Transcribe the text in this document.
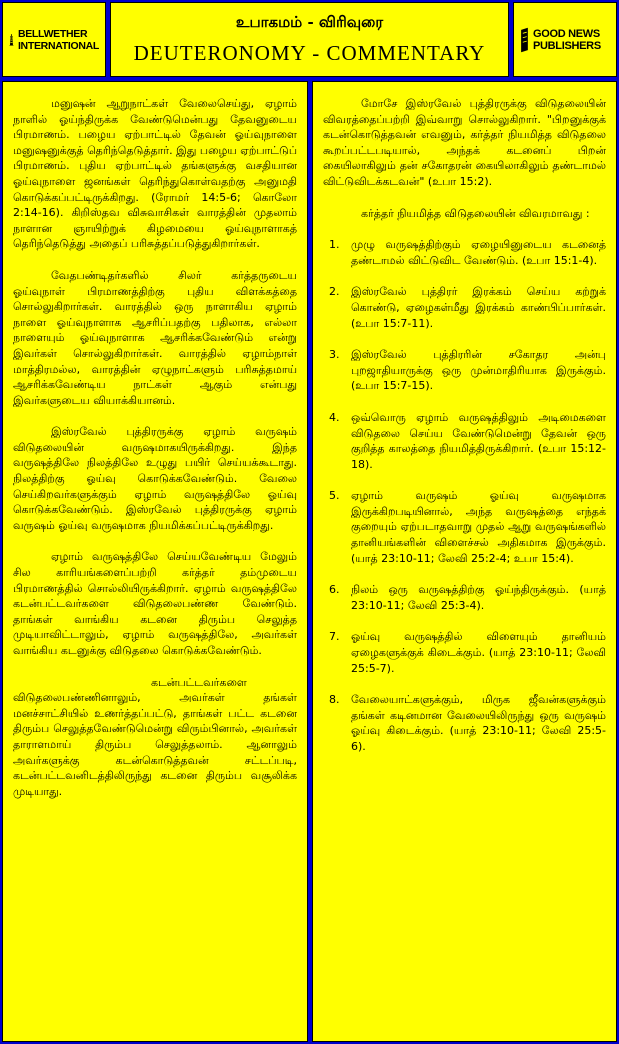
BELLWETHER INTERNATIONAL
உபாகமம் - விரிவுரை
DEUTERONOMY - COMMENTARY
GOOD NEWS PUBLISHERS

மனுஷன் ஆறுநாட்கள் வேலைசெய்து, ஏழாம் நாளில் ஓய்ந்திருக்க வேண்டுமென்பது தேவனுடைய பிரமாணம். பழைய ஏற்பாட்டில் தேவன் ஓய்வுநாளை மனுஷனுக்குத் தெரிந்தெடுத்தார். இது பழைய ஏற்பாட்டுப் பிரமாணம். புதிய ஏற்பாட்டில் தங்களுக்கு வசதியான ஓய்வுநாளை ஜனங்கள் தெரிந்துகொள்வதற்கு அனுமதி கொடுக்கப்பட்டிருக்கிறது. (ரோமர் 14:5-6; கொலோ 2:14-16). கிறிஸ்தவ விசுவாசிகள் வாரத்தின் முதலாம் நாளான ஞாயிற்றுக் கிழமையை ஓய்வுநாளாகத் தெரிந்தெடுத்து அதைப் பரிசுத்தப்படுத்துகிறார்கள்.

வேதபண்டிதர்களில் சிலர் கர்த்தருடைய ஓய்வுநாள் பிரமாணத்திற்கு புதிய விளக்கத்தை சொல்லுகிறார்கள். வாரத்தில் ஒரு நாளாகிய ஏழாம் நாளை ஓய்வுநாளாக ஆசரிப்பதற்கு பதிலாக, எல்லா நாளையும் ஓய்வுநாளாக ஆசரிக்கவேண்டும் என்று இவர்கள் சொல்லுகிறார்கள். வாரத்தில் ஏழாம்நாள் மாத்திரமல்ல, வாரத்தின் ஏழுநாட்களும் பரிசுத்தமாய் ஆசரிக்கவேண்டிய நாட்கள் ஆகும் என்பது இவர்களுடைய வியாக்கியானம்.

இஸ்ரவேல் புத்திரருக்கு ஏழாம் வருஷம் விடுதலையின் வருஷமாகயிருக்கிறது. இந்த வருஷத்திலே நிலத்திலே உழுது பயிர் செய்யக்கூடாது. நிலத்திற்கு ஓய்வு கொடுக்கவேண்டும். வேலை செய்கிறவர்களுக்கும் ஏழாம் வருஷத்திலே ஓய்வு கொடுக்கவேண்டும். இஸ்ரவேல் புத்திரருக்கு ஏழாம் வருஷம் ஓய்வு வருஷமாக நியமிக்கப்பட்டிருக்கிறது.

ஏழாம் வருஷத்திலே செய்யவேண்டிய மேலும் சில காரியங்களைப்பற்றி கர்த்தர் தம்முடைய பிரமாணத்தில் சொல்லியிருக்கிறார். ஏழாம் வருஷத்திலே கடன்பட்டவர்களை விடுதலைபண்ண வேண்டும். தாங்கள் வாங்கிய கடனை திரும்ப செலுத்த முடியாவிட்டாலும், ஏழாம் வருஷத்திலே, அவர்கள் வாங்கிய கடனுக்கு விடுதலை கொடுக்கவேண்டும்.

கடன்பட்டவர்களை விடுதலைபண்ணினாலும், அவர்கள் தங்கள் மனச்சாட்சியில் உணர்த்தப்பட்டு, தாங்கள் பட்ட கடனை திரும்ப செலுத்தவேண்டுமென்று விரும்பினால், அவர்கள் தாராளமாய் திரும்ப செலுத்தலாம். ஆனாலும் அவர்களுக்கு கடன்கொடுத்தவன் சட்டப்படி, கடன்பட்டவனிடத்திலிருந்து கடனை திரும்ப வசூலிக்க முடியாது.

மோசே இஸ்ரவேல் புத்திரருக்கு விடுதலையின் விவரத்தைப்பற்றி இவ்வாறு சொல்லுகிறார். "பிறனுக்குக் கடன்கொடுத்தவன் எவனும், கர்த்தர் நியமித்த விடுதலை கூறப்பட்டபடியால், அந்தக் கடனைப் பிறன் கையிலாகிலும் தன் சகோதரன் கையிலாகிலும் தண்டாமல் விட்டுவிடக்கடவன்" (உபா 15:2).

கர்த்தர் நியமித்த விடுதலையின் விவரமாவது :

1. முழு வருஷத்திற்கும் ஏழையினுடைய கடனைத் தண்டாமல் விட்டுவிட வேண்டும். (உபா 15:1-4).
2. இஸ்ரவேல் புத்திரர் இரக்கம் செய்ய கற்றுக் கொண்டு, ஏழைகள்மீது இரக்கம் காண்பிப்பார்கள். (உபா 15:7-11).
3. இஸ்ரவேல் புத்திரரின் சகோதர அன்பு புறஜாதியாருக்கு ஒரு முன்மாதிரியாக இருக்கும். (உபா 15:7-15).
4. ஒவ்வொரு ஏழாம் வருஷத்திலும் அடிமைகளை விடுதலை செய்ய வேண்டுமென்று தேவன் ஒரு குறித்த காலத்தை நியமித்திருக்கிறார். (உபா 15:12-18).
5. ஏழாம் வருஷம் ஓய்வு வருஷமாக இருக்கிறபடியினால், அந்த வருஷத்தை எந்தக் குறையும் ஏற்படாதவாறு முதல் ஆறு வருஷங்களில் தானியங்களின் விளைச்சல் அதிகமாக இருக்கும். (யாத் 23:10-11; லேவி 25:2-4; உபா 15:4).
6. நிலம் ஒரு வருஷத்திற்கு ஓய்ந்திருக்கும். (யாத் 23:10-11; லேவி 25:3-4).
7. ஓய்வு வருஷத்தில் விளையும் தானியம் ஏழைகளுக்குக் கிடைக்கும். (யாத் 23:10-11; லேவி 25:5-7).
8. வேலையாட்களுக்கும், மிருக ஜீவன்களுக்கும் தங்கள் கடினமான வேலையிலிருந்து ஒரு வருஷம் ஓய்வு கிடைக்கும். (யாத் 23:10-11; லேவி 25:5-6).
